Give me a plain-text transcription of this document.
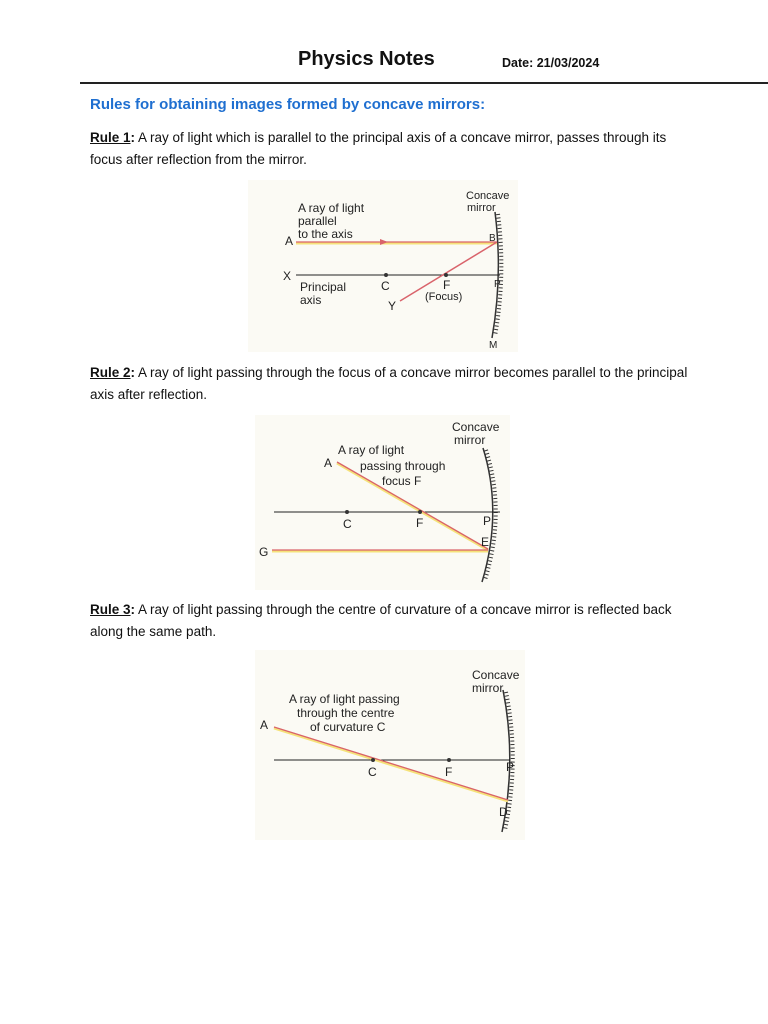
Physics Notes	Date: 21/03/2024
Rules for obtaining images formed by concave mirrors:
Rule 1: A ray of light which is parallel to the principal axis of a concave mirror, passes through its focus after reflection from the mirror.
Rule 2: A ray of light passing through the focus of a concave mirror becomes parallel to the principal axis after reflection.
Rule 3: A ray of light passing through the centre of curvature of a concave mirror is reflected back along the same path.
A ray of light
parallel
to the axis
A
X
Principal
axis
C	F
(Focus)
Y
B
P
M
Concave
mirror
A ray of light
passing through
focus F
A
C	F	P
E
G
Concave
mirror
A ray of light passing
through the centre
of curvature C
A
C	F	P
D
Concave
mirror
